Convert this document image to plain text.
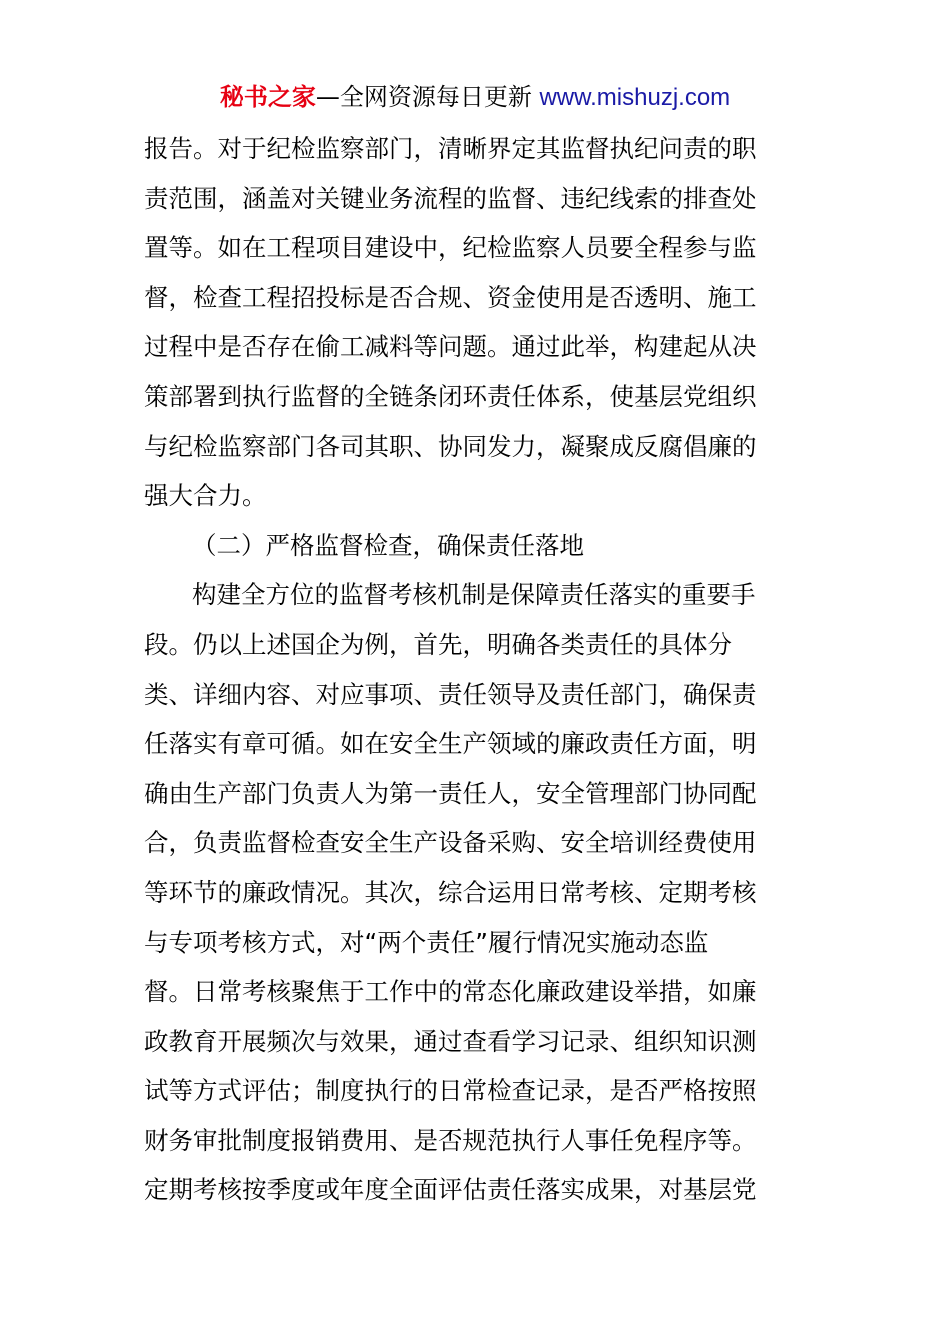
秘书之家—全网资源每日更新 www.mishuzj.com
报告。对于纪检监察部门，清晰界定其监督执纪问责的职
责范围，涵盖对关键业务流程的监督、违纪线索的排查处
置等。如在工程项目建设中，纪检监察人员要全程参与监
督，检查工程招投标是否合规、资金使用是否透明、施工
过程中是否存在偷工减料等问题。通过此举，构建起从决
策部署到执行监督的全链条闭环责任体系，使基层党组织
与纪检监察部门各司其职、协同发力，凝聚成反腐倡廉的
强大合力。
（二）严格监督检查，确保责任落地
构建全方位的监督考核机制是保障责任落实的重要手
段。仍以上述国企为例，首先，明确各类责任的具体分
类、详细内容、对应事项、责任领导及责任部门，确保责
任落实有章可循。如在安全生产领域的廉政责任方面，明
确由生产部门负责人为第一责任人，安全管理部门协同配
合，负责监督检查安全生产设备采购、安全培训经费使用
等环节的廉政情况。其次，综合运用日常考核、定期考核
与专项考核方式，对“两个责任”履行情况实施动态监
督。日常考核聚焦于工作中的常态化廉政建设举措，如廉
政教育开展频次与效果，通过查看学习记录、组织知识测
试等方式评估；制度执行的日常检查记录，是否严格按照
财务审批制度报销费用、是否规范执行人事任免程序等。
定期考核按季度或年度全面评估责任落实成果，对基层党
